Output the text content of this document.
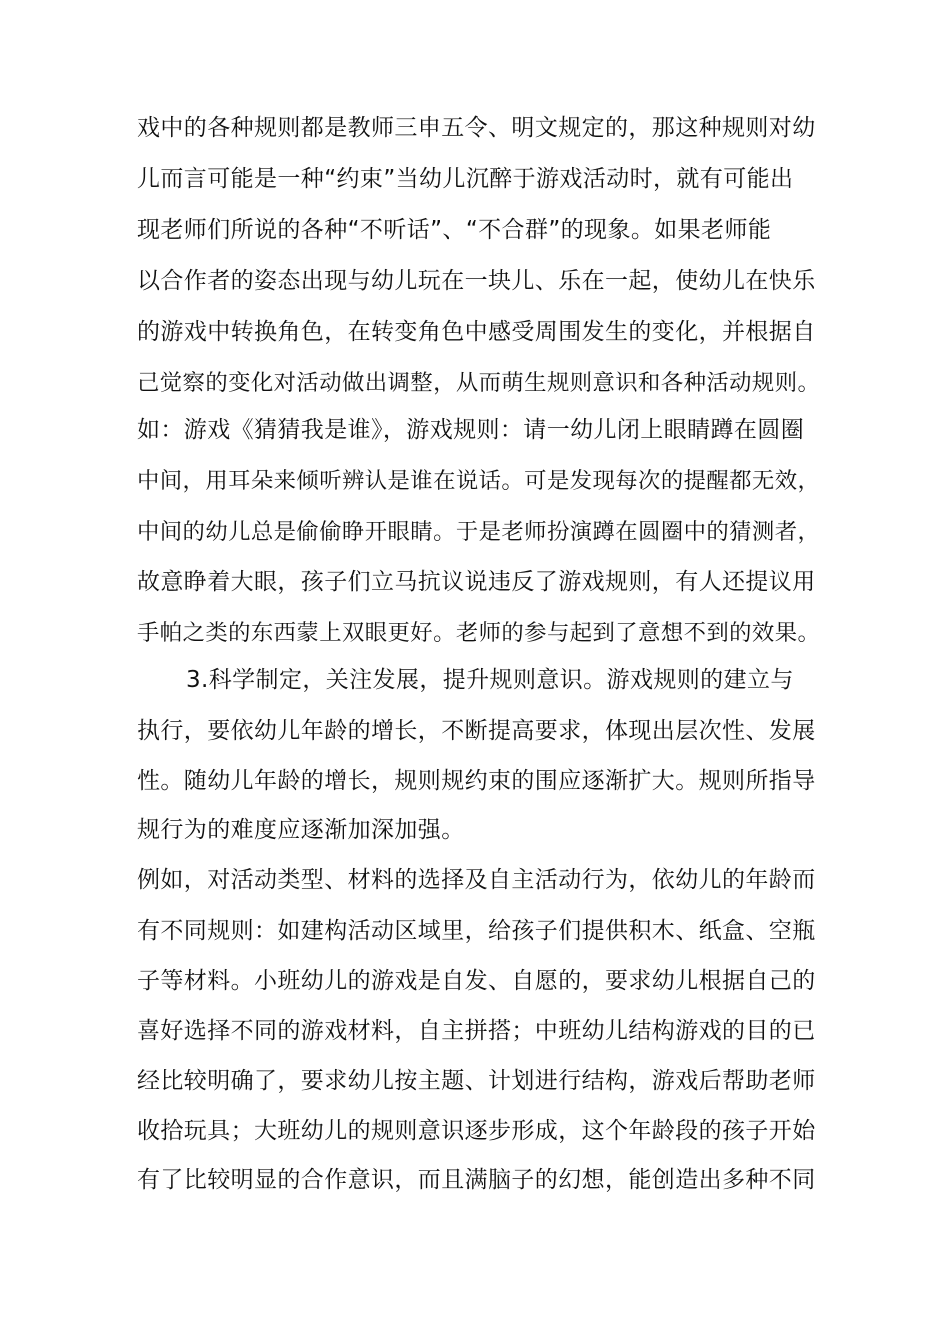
戏中的各种规则都是教师三申五令、明文规定的，那这种规则对幼
儿而言可能是一种“约束”当幼儿沉醉于游戏活动时，就有可能出
现老师们所说的各种“不听话”、“不合群”的现象。如果老师能
以合作者的姿态出现与幼儿玩在一块儿、乐在一起，使幼儿在快乐
的游戏中转换角色，在转变角色中感受周围发生的变化，并根据自
己觉察的变化对活动做出调整，从而萌生规则意识和各种活动规则。
如：游戏《猜猜我是谁》，游戏规则：请一幼儿闭上眼睛蹲在圆圈
中间，用耳朵来倾听辨认是谁在说话。可是发现每次的提醒都无效，
中间的幼儿总是偷偷睁开眼睛。于是老师扮演蹲在圆圈中的猜测者，
故意睁着大眼，孩子们立马抗议说违反了游戏规则，有人还提议用
手帕之类的东西蒙上双眼更好。老师的参与起到了意想不到的效果。
3.科学制定，关注发展，提升规则意识。游戏规则的建立与
执行，要依幼儿年龄的增长，不断提高要求，体现出层次性、发展
性。随幼儿年龄的增长，规则规约束的围应逐渐扩大。规则所指导
规行为的难度应逐渐加深加强。
例如，对活动类型、材料的选择及自主活动行为，依幼儿的年龄而
有不同规则：如建构活动区域里，给孩子们提供积木、纸盒、空瓶
子等材料。小班幼儿的游戏是自发、自愿的，要求幼儿根据自己的
喜好选择不同的游戏材料，自主拼搭；中班幼儿结构游戏的目的已
经比较明确了，要求幼儿按主题、计划进行结构，游戏后帮助老师
收拾玩具；大班幼儿的规则意识逐步形成，这个年龄段的孩子开始
有了比较明显的合作意识，而且满脑子的幻想，能创造出多种不同
